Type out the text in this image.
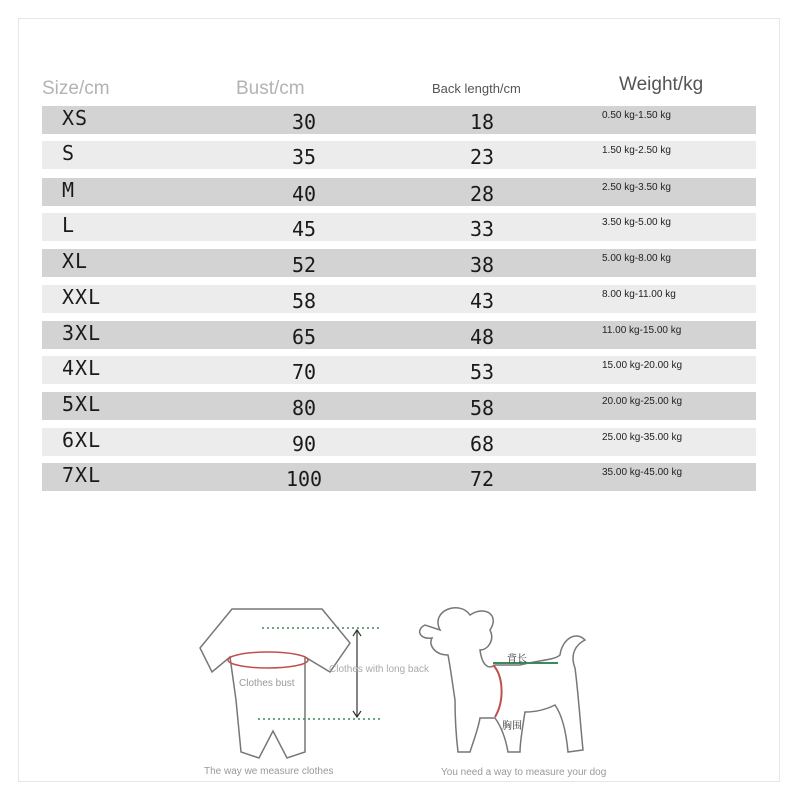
Size/cm	Bust/cm	Back length/cm	Weight/kg
XS	30	18	0.50 kg-1.50 kg
S	35	23	1.50 kg-2.50 kg
M	40	28	2.50 kg-3.50 kg
L	45	33	3.50 kg-5.00 kg
XL	52	38	5.00 kg-8.00 kg
XXL	58	43	8.00 kg-11.00 kg
3XL	65	48	11.00 kg-15.00 kg
4XL	70	53	15.00 kg-20.00 kg
5XL	80	58	20.00 kg-25.00 kg
6XL	90	68	25.00 kg-35.00 kg
7XL	100	72	35.00 kg-45.00 kg
Clothes bust
Clothes with long back
The way we measure clothes
背长
胸围
You need a way to measure your dog
